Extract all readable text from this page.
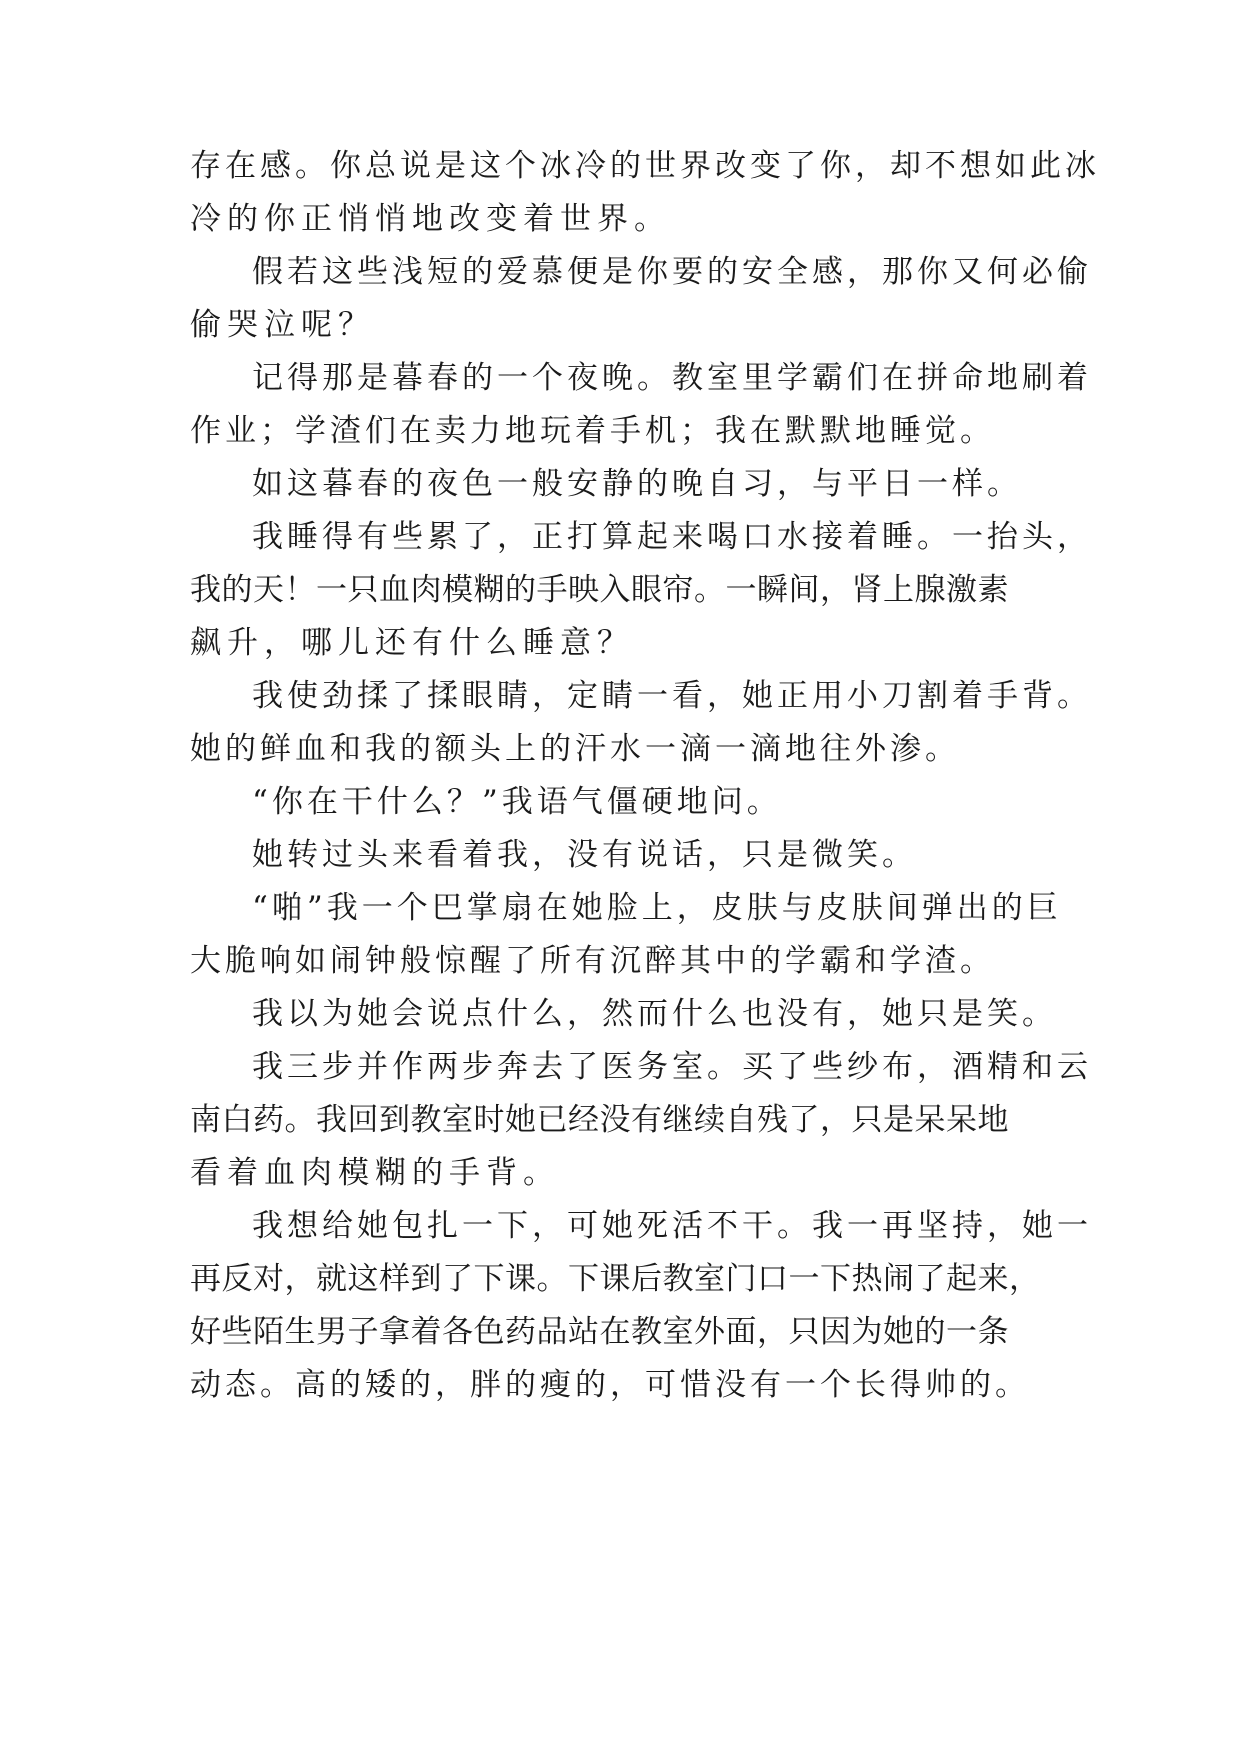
存在感。你总说是这个冰冷的世界改变了你，却不想如此冰
冷的你正悄悄地改变着世界。
假若这些浅短的爱慕便是你要的安全感，那你又何必偷
偷哭泣呢？
记得那是暮春的一个夜晚。教室里学霸们在拼命地刷着
作业；学渣们在卖力地玩着手机；我在默默地睡觉。
如这暮春的夜色一般安静的晚自习，与平日一样。
我睡得有些累了，正打算起来喝口水接着睡。一抬头，
我的天！一只血肉模糊的手映入眼帘。一瞬间，肾上腺激素
飙升，哪儿还有什么睡意？
我使劲揉了揉眼睛，定睛一看，她正用小刀割着手背。
她的鲜血和我的额头上的汗水一滴一滴地往外渗。
“你在干什么？”我语气僵硬地问。
她转过头来看着我，没有说话，只是微笑。
“啪”我一个巴掌扇在她脸上，皮肤与皮肤间弹出的巨
大脆响如闹钟般惊醒了所有沉醉其中的学霸和学渣。
我以为她会说点什么，然而什么也没有，她只是笑。
我三步并作两步奔去了医务室。买了些纱布，酒精和云
南白药。我回到教室时她已经没有继续自残了，只是呆呆地
看着血肉模糊的手背。
我想给她包扎一下，可她死活不干。我一再坚持，她一
再反对，就这样到了下课。下课后教室门口一下热闹了起来，
好些陌生男子拿着各色药品站在教室外面，只因为她的一条
动态。高的矮的，胖的瘦的，可惜没有一个长得帅的。
